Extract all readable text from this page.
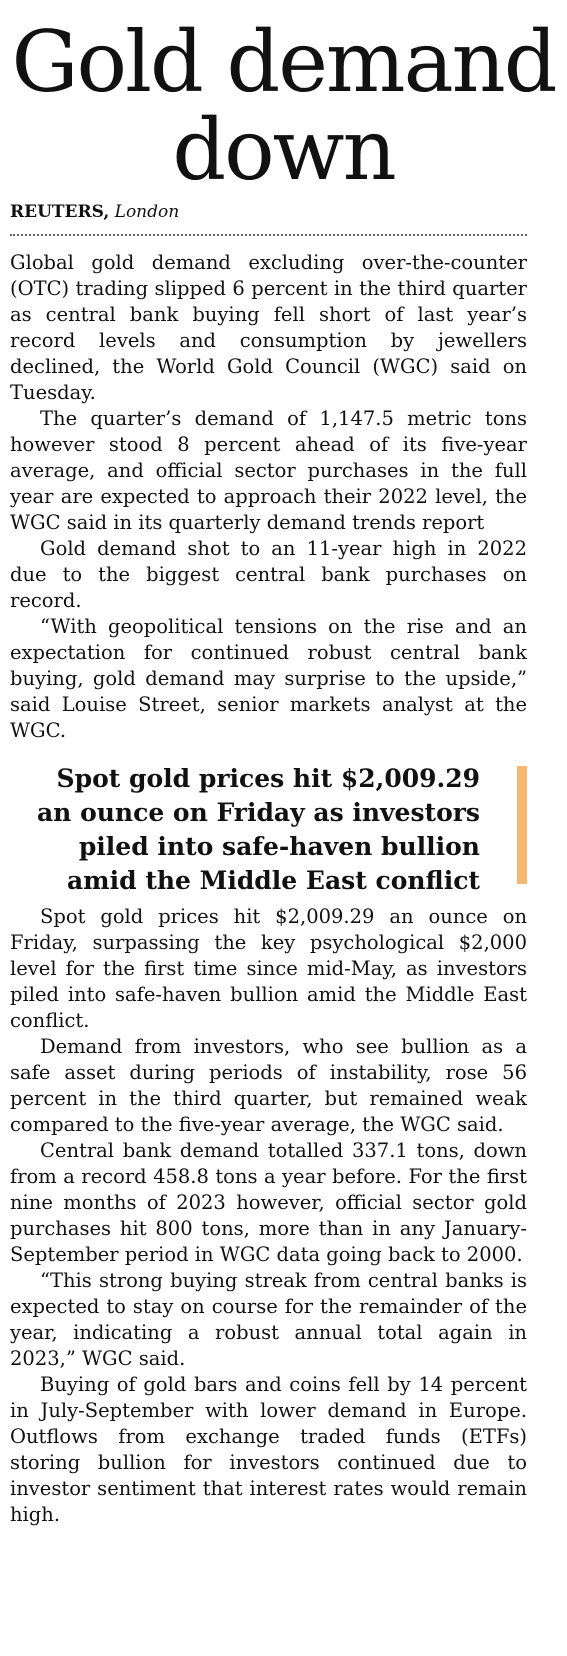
Gold demand down

REUTERS, London

Global gold demand excluding over-the-counter (OTC) trading slipped 6 percent in the third quarter as central bank buying fell short of last year’s record levels and consumption by jewellers declined, the World Gold Council (WGC) said on Tuesday.

The quarter’s demand of 1,147.5 metric tons however stood 8 percent ahead of its five-year average, and official sector purchases in the full year are expected to approach their 2022 level, the WGC said in its quarterly demand trends report

Gold demand shot to an 11-year high in 2022 due to the biggest central bank purchases on record.

“With geopolitical tensions on the rise and an expectation for continued robust central bank buying, gold demand may surprise to the upside,” said Louise Street, senior markets analyst at the WGC.

Spot gold prices hit $2,009.29 an ounce on Friday as investors piled into safe-haven bullion amid the Middle East conflict

Spot gold prices hit $2,009.29 an ounce on Friday, surpassing the key psychological $2,000 level for the first time since mid-May, as investors piled into safe-haven bullion amid the Middle East conflict.

Demand from investors, who see bullion as a safe asset during periods of instability, rose 56 percent in the third quarter, but remained weak compared to the five-year average, the WGC said.

Central bank demand totalled 337.1 tons, down from a record 458.8 tons a year before. For the first nine months of 2023 however, official sector gold purchases hit 800 tons, more than in any January-September period in WGC data going back to 2000.

“This strong buying streak from central banks is expected to stay on course for the remainder of the year, indicating a robust annual total again in 2023,” WGC said.

Buying of gold bars and coins fell by 14 percent in July-September with lower demand in Europe. Outflows from exchange traded funds (ETFs) storing bullion for investors continued due to investor sentiment that interest rates would remain high.
